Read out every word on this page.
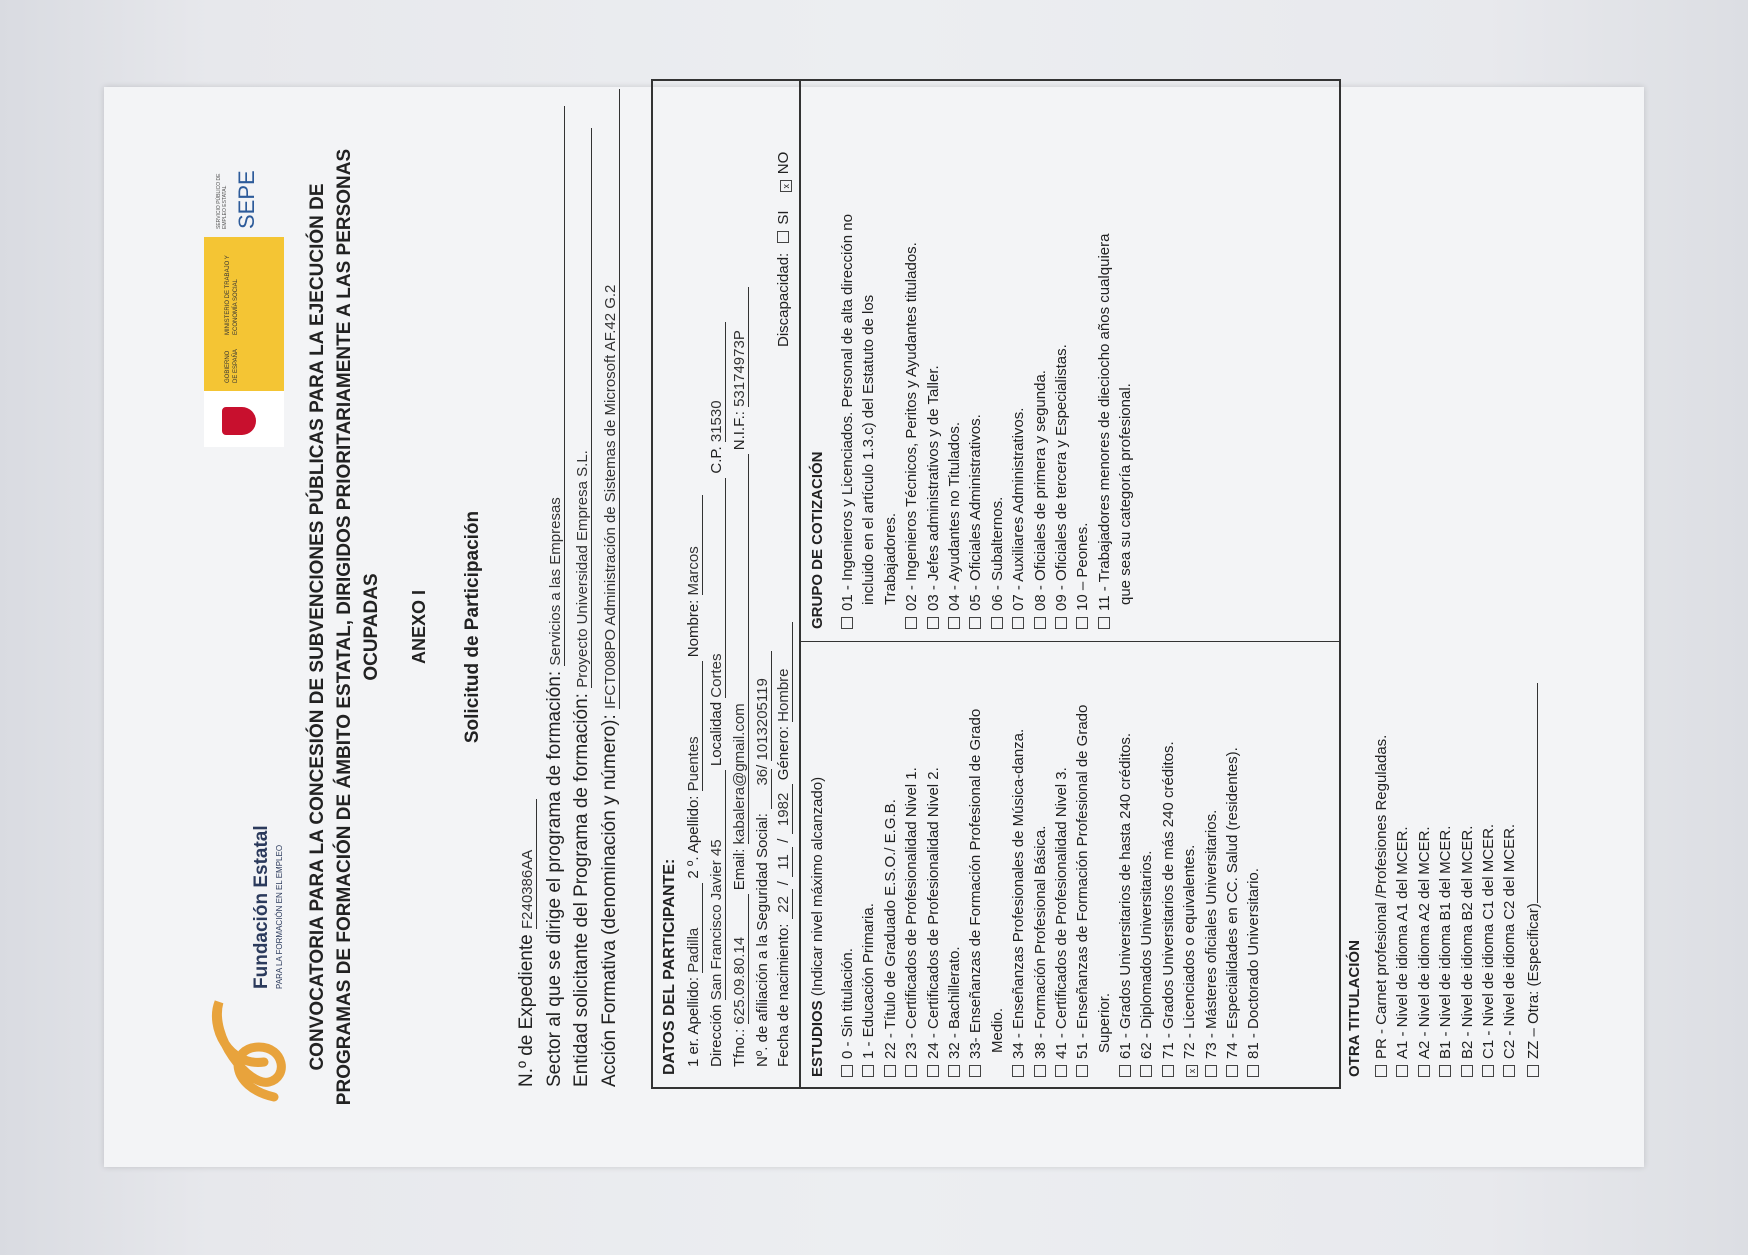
Fundación Estatal PARA LA FORMACIÓN EN EL EMPLEO
GOBIERNO DE ESPAÑA
MINISTERIO DE TRABAJO Y ECONOMÍA SOCIAL
SEPE
SERVICIO PÚBLICO DE EMPLEO ESTATAL	CONVOCATORIA PARA LA CONCESIÓN DE SUBVENCIONES PÚBLICAS PARA LA EJECUCIÓN DE PROGRAMAS DE FORMACIÓN DE ÁMBITO ESTATAL, DIRIGIDOS PRIORITARIAMENTE A LAS PERSONAS OCUPADAS ANEXO I Solicitud de Participación
N.º de Expediente F240386AA Sector al que se dirige el programa de formación: Servicios a las Empresas
Entidad solicitante del Programa de formación: Proyecto Universidad Empresa S.L.
Acción Formativa (denominación y número): IFCT008PO Administración de Sistemas de Microsoft AF.42 G.2
DATOS DEL PARTICIPANTE: 1 er. Apellido: Padilla 2 º. Apellido: Puentes Nombre: Marcos
Dirección San Francisco Javier 45 Localidad Cortes C.P. 31530
Tfno.: 625.09.80.14 Email: kabalera@gmail.com N.I.F.: 53174973P
Nº. de afiliación a la Seguridad Social: 36/ 1013205119
Fecha de nacimiento: 22 / 11 / 1982 Género: Hombre
Discapacidad: SI xNO
ESTUDIOS (Indicar nivel máximo alcanzado)
0 - Sin titulación. 1 - Educación Primaria. 22 - Título de Graduado E.S.O./ E.G.B. 23 - Certificados de Profesionalidad Nivel 1. 24 - Certificados de Profesionalidad Nivel 2. 32 - Bachillerato. 33- Enseñanzas de Formación Profesional de Grado Medio. 34 - Enseñanzas Profesionales de Música-danza. 38 - Formación Profesional Básica. 41 - Certificados de Profesionalidad Nivel 3. 51 - Enseñanzas de Formación Profesional de Grado Superior. 61 - Grados Universitarios de hasta 240 créditos. 62 - Diplomados Universitarios. 71 - Grados Universitarios de más 240 créditos.
x72 - Licenciados o equivalentes. 73 - Másteres oficiales Universitarios. 74 - Especialidades en CC. Salud (residentes). 81 - Doctorado Universitario.	OTRA TITULACIÓN PR - Carnet profesional /Profesiones Reguladas. A1 - Nivel de idioma A1 del MCER. A2 - Nivel de idioma A2 del MCER. B1 - Nivel de idioma B1 del MCER. B2 - Nivel de idioma B2 del MCER. C1 - Nivel de idioma C1 del MCER. C2 - Nivel de idioma C2 del MCER. ZZ – Otra: (Especificar)
GRUPO DE COTIZACIÓN 01 - Ingenieros y Licenciados. Personal de alta dirección no incluido en el artículo 1.3.c) del Estatuto de los Trabajadores. 02 - Ingenieros Técnicos, Peritos y Ayudantes titulados. 03 - Jefes administrativos y de Taller. 04 - Ayudantes no Titulados. 05 - Oficiales Administrativos. 06 - Subalternos. 07 - Auxiliares Administrativos. 08 - Oficiales de primera y segunda. 09 - Oficiales de tercera y Especialistas. 10 – Peones. 11 - Trabajadores menores de dieciocho años cualquiera que sea su categoría profesional.
